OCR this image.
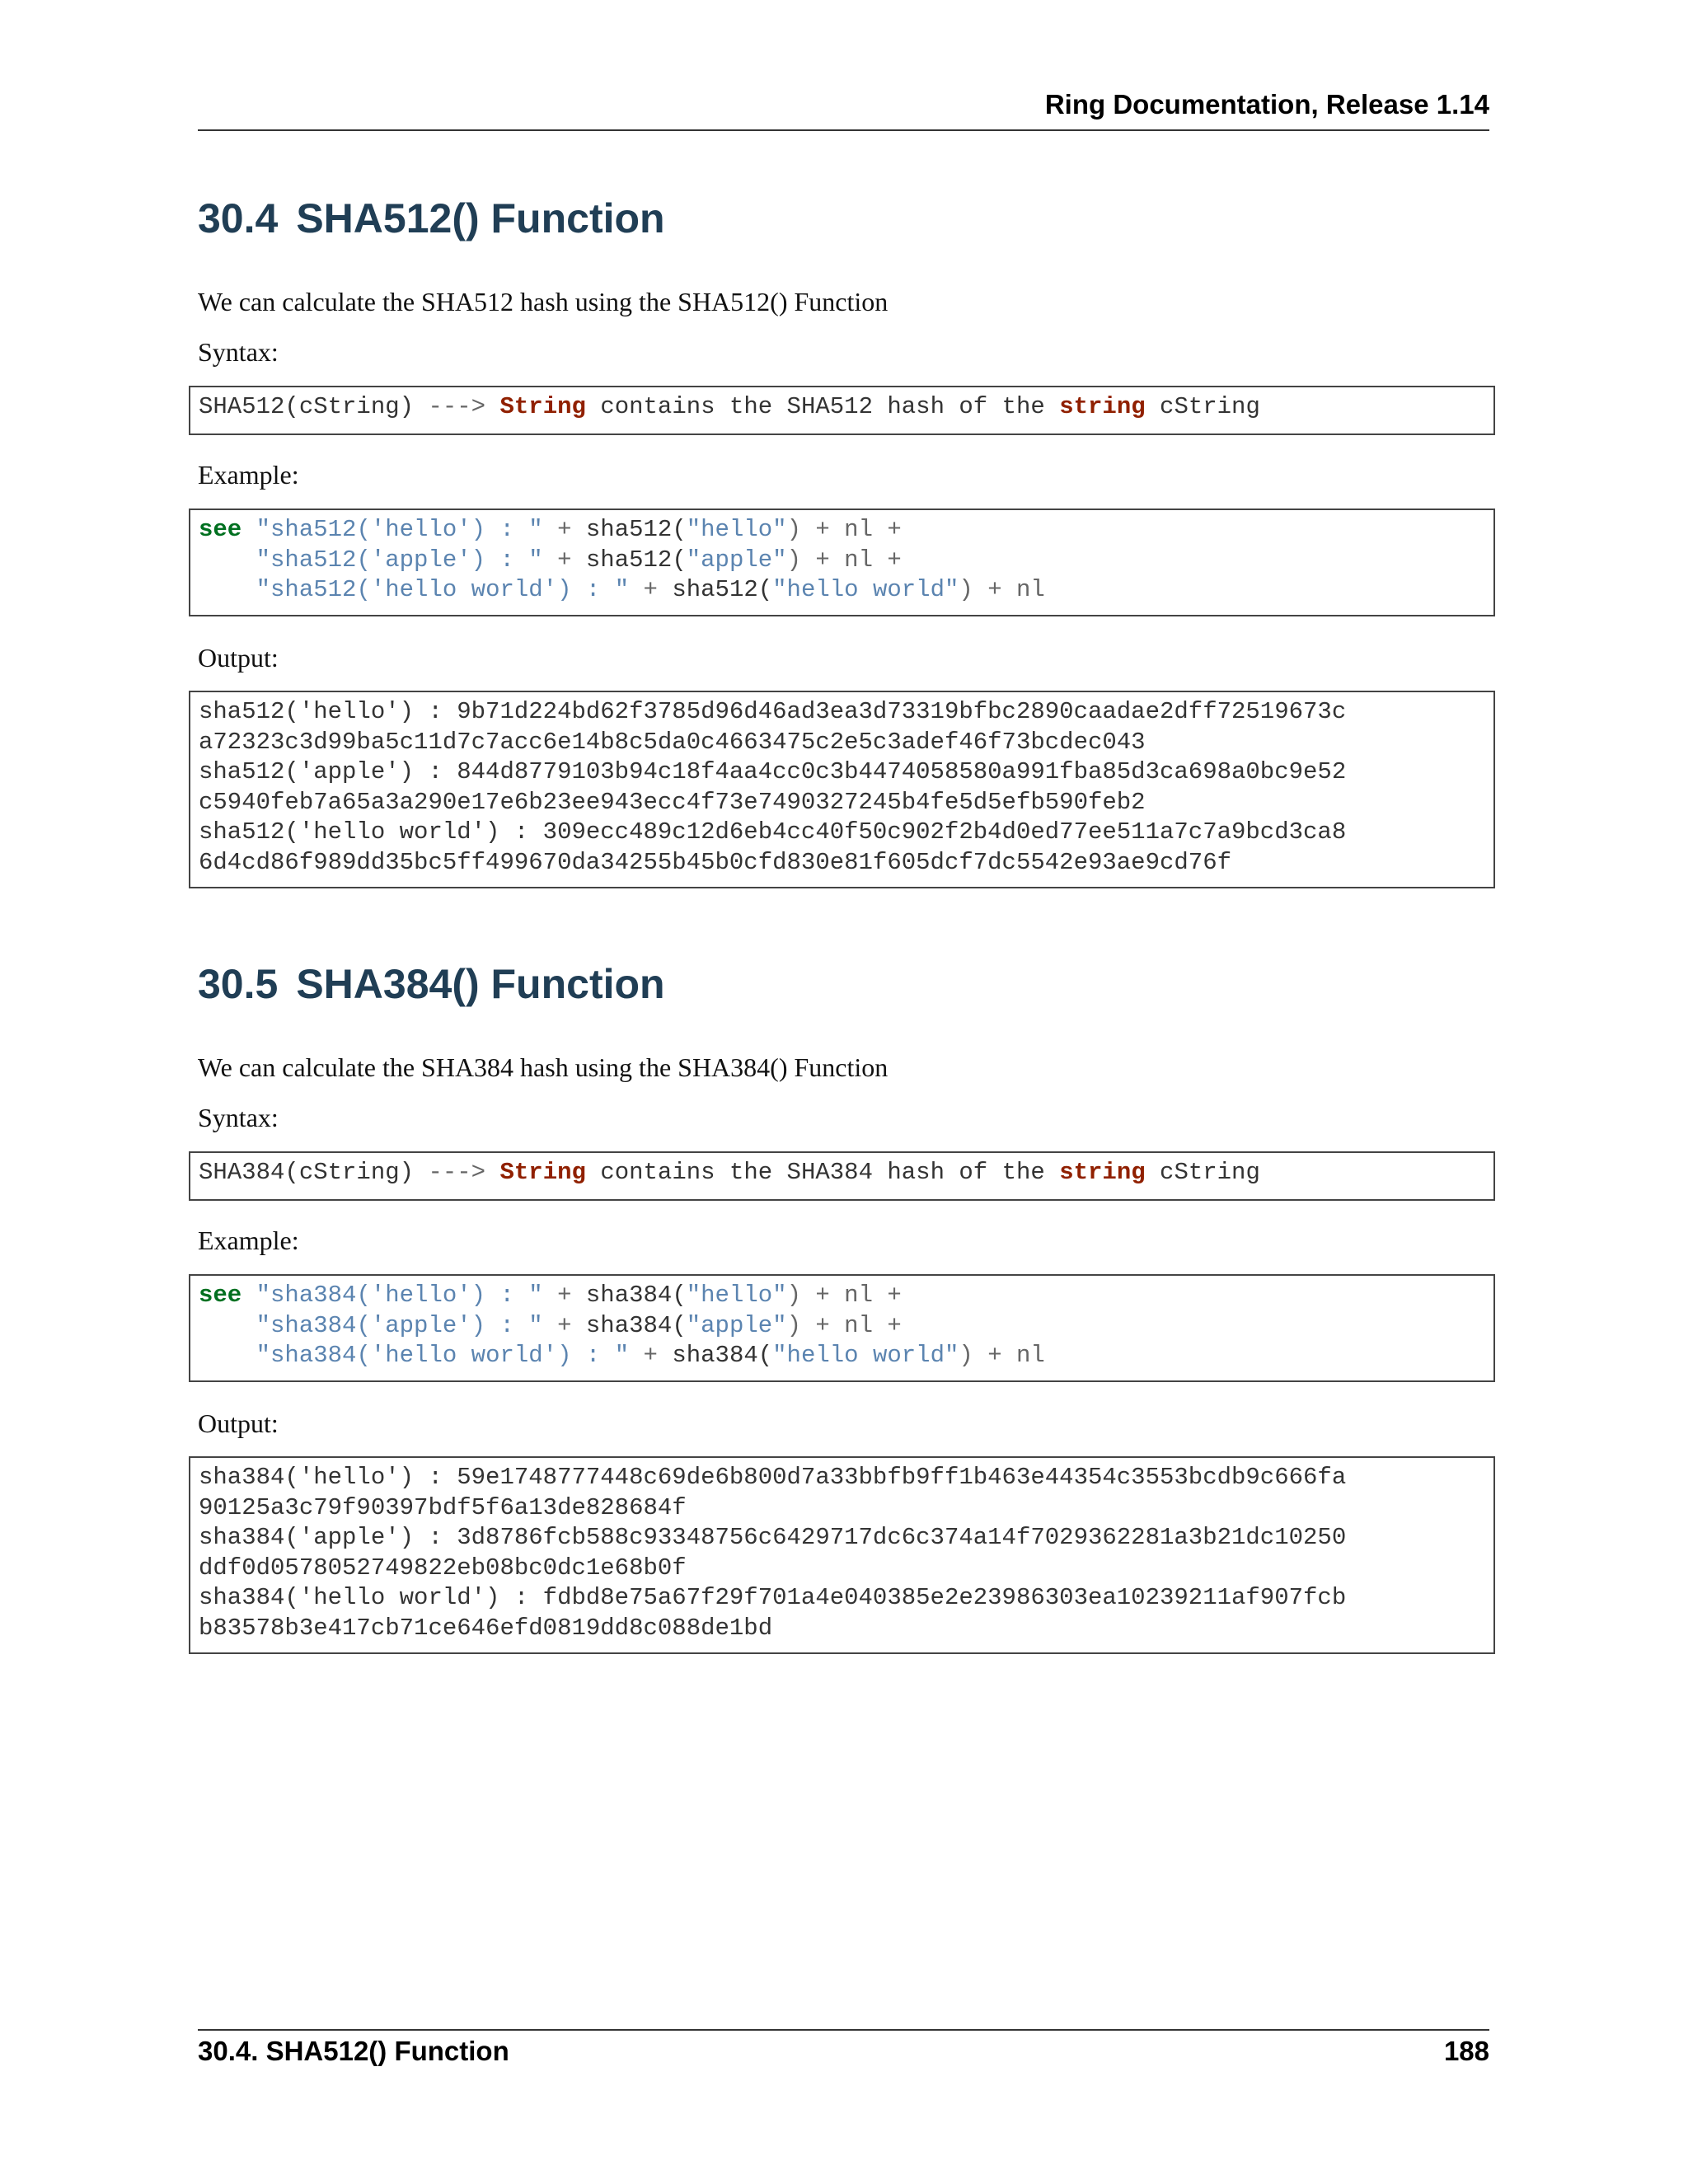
Ring Documentation, Release 1.14
30.4 SHA512() Function

We can calculate the SHA512 hash using the SHA512() Function

Syntax:

SHA512(cString) ---> String contains the SHA512 hash of the string cString

Example:

see "sha512('hello') : " + sha512("hello") + nl +
"sha512('apple') : " + sha512("apple") + nl +
"sha512('hello world') : " + sha512("hello world") + nl

Output:

sha512('hello') : 9b71d224bd62f3785d96d46ad3ea3d73319bfbc2890caadae2dff72519673c
a72323c3d99ba5c11d7c7acc6e14b8c5da0c4663475c2e5c3adef46f73bcdec043
sha512('apple') : 844d8779103b94c18f4aa4cc0c3b4474058580a991fba85d3ca698a0bc9e52
c5940feb7a65a3a290e17e6b23ee943ecc4f73e7490327245b4fe5d5efb590feb2
sha512('hello world') : 309ecc489c12d6eb4cc40f50c902f2b4d0ed77ee511a7c7a9bcd3ca8
6d4cd86f989dd35bc5ff499670da34255b45b0cfd830e81f605dcf7dc5542e93ae9cd76f
30.5 SHA384() Function

We can calculate the SHA384 hash using the SHA384() Function

Syntax:

SHA384(cString) ---> String contains the SHA384 hash of the string cString

Example:

see "sha384('hello') : " + sha384("hello") + nl +
"sha384('apple') : " + sha384("apple") + nl +
"sha384('hello world') : " + sha384("hello world") + nl

Output:

sha384('hello') : 59e1748777448c69de6b800d7a33bbfb9ff1b463e44354c3553bcdb9c666fa
90125a3c79f90397bdf5f6a13de828684f
sha384('apple') : 3d8786fcb588c93348756c6429717dc6c374a14f7029362281a3b21dc10250
ddf0d0578052749822eb08bc0dc1e68b0f
sha384('hello world') : fdbd8e75a67f29f701a4e040385e2e23986303ea10239211af907fcb
b83578b3e417cb71ce646efd0819dd8c088de1bd
30.4. SHA512() Function	188
